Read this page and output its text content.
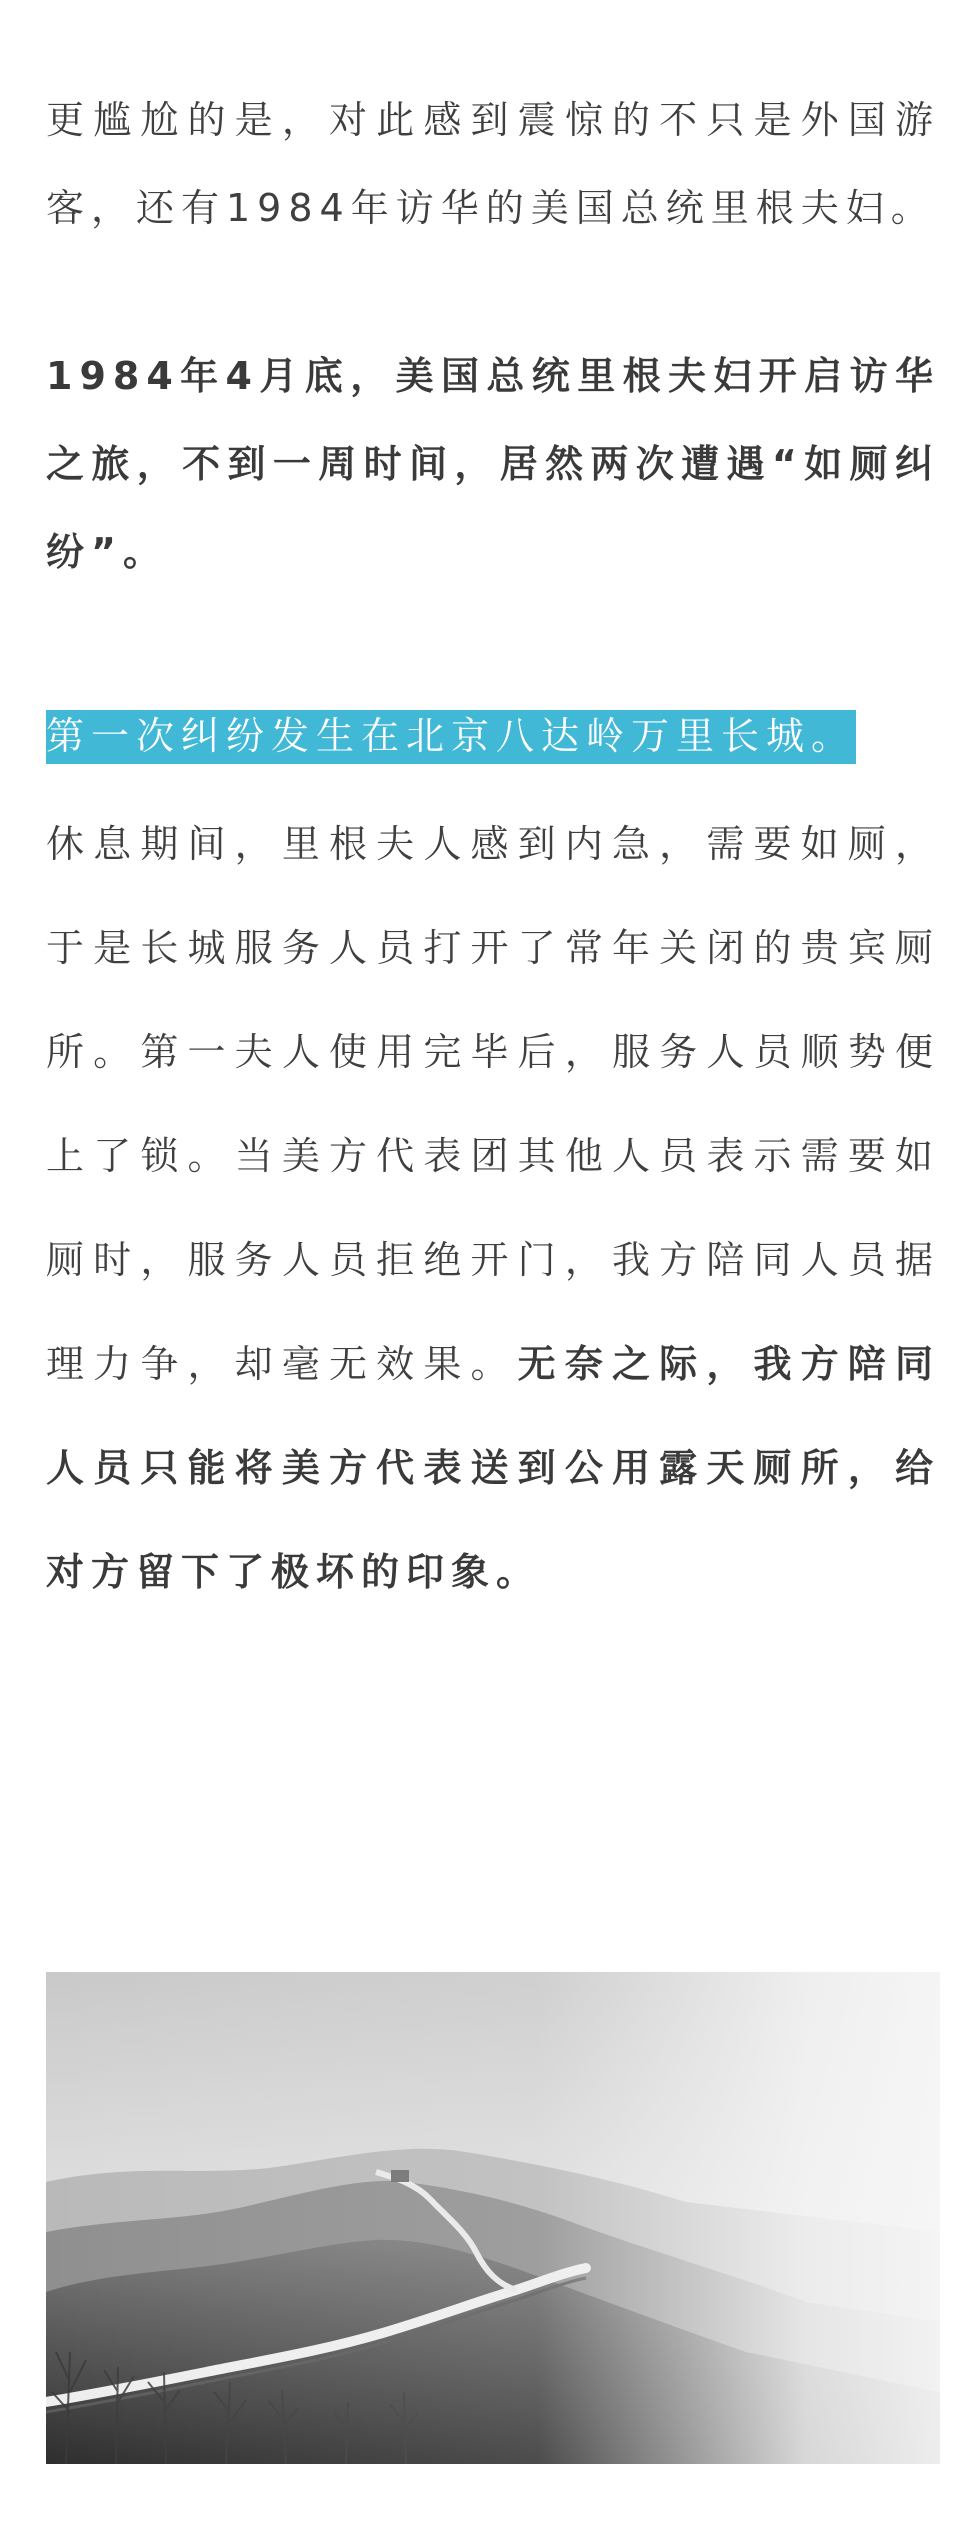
更尴尬的是，对此感到震惊的不只是外国游客，还有1984年访华的美国总统里根夫妇。

1984年4月底，美国总统里根夫妇开启访华之旅，不到一周时间，居然两次遭遇“如厕纠纷”。

第一次纠纷发生在北京八达岭万里长城。

休息期间，里根夫人感到内急，需要如厕，于是长城服务人员打开了常年关闭的贵宾厕所。第一夫人使用完毕后，服务人员顺势便上了锁。当美方代表团其他人员表示需要如厕时，服务人员拒绝开门，我方陪同人员据理力争，却毫无效果。无奈之际，我方陪同人员只能将美方代表送到公用露天厕所，给对方留下了极坏的印象。
